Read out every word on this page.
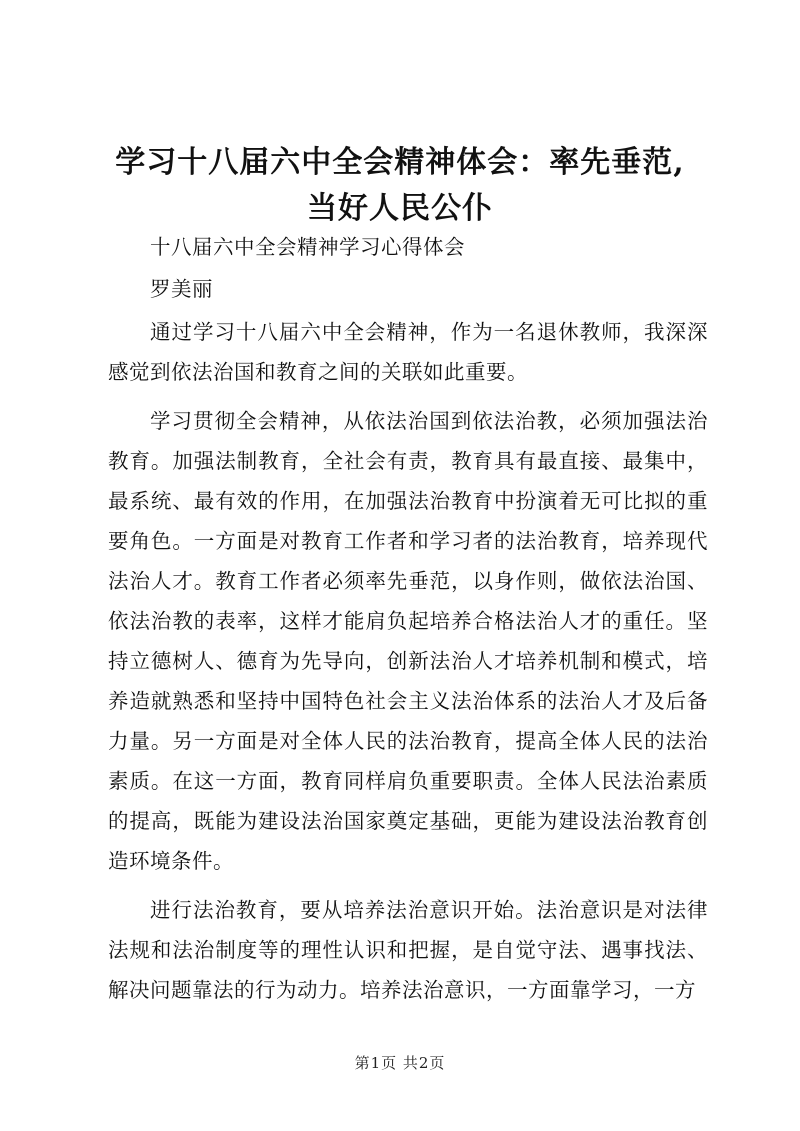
学习十八届六中全会精神体会：率先垂范,当好人民公仆

十八届六中全会精神学习心得体会

罗美丽

通过学习十八届六中全会精神，作为一名退休教师，我深深感觉到依法治国和教育之间的关联如此重要。

学习贯彻全会精神，从依法治国到依法治教，必须加强法治教育。加强法制教育，全社会有责，教育具有最直接、最集中，最系统、最有效的作用，在加强法治教育中扮演着无可比拟的重要角色。一方面是对教育工作者和学习者的法治教育，培养现代法治人才。教育工作者必须率先垂范，以身作则，做依法治国、依法治教的表率，这样才能肩负起培养合格法治人才的重任。坚持立德树人、德育为先导向，创新法治人才培养机制和模式，培养造就熟悉和坚持中国特色社会主义法治体系的法治人才及后备力量。另一方面是对全体人民的法治教育，提高全体人民的法治素质。在这一方面，教育同样肩负重要职责。全体人民法治素质的提高，既能为建设法治国家奠定基础，更能为建设法治教育创造环境条件。

进行法治教育，要从培养法治意识开始。法治意识是对法律法规和法治制度等的理性认识和把握，是自觉守法、遇事找法、解决问题靠法的行为动力。培养法治意识，一方面靠学习，一方

第1页 共2页
